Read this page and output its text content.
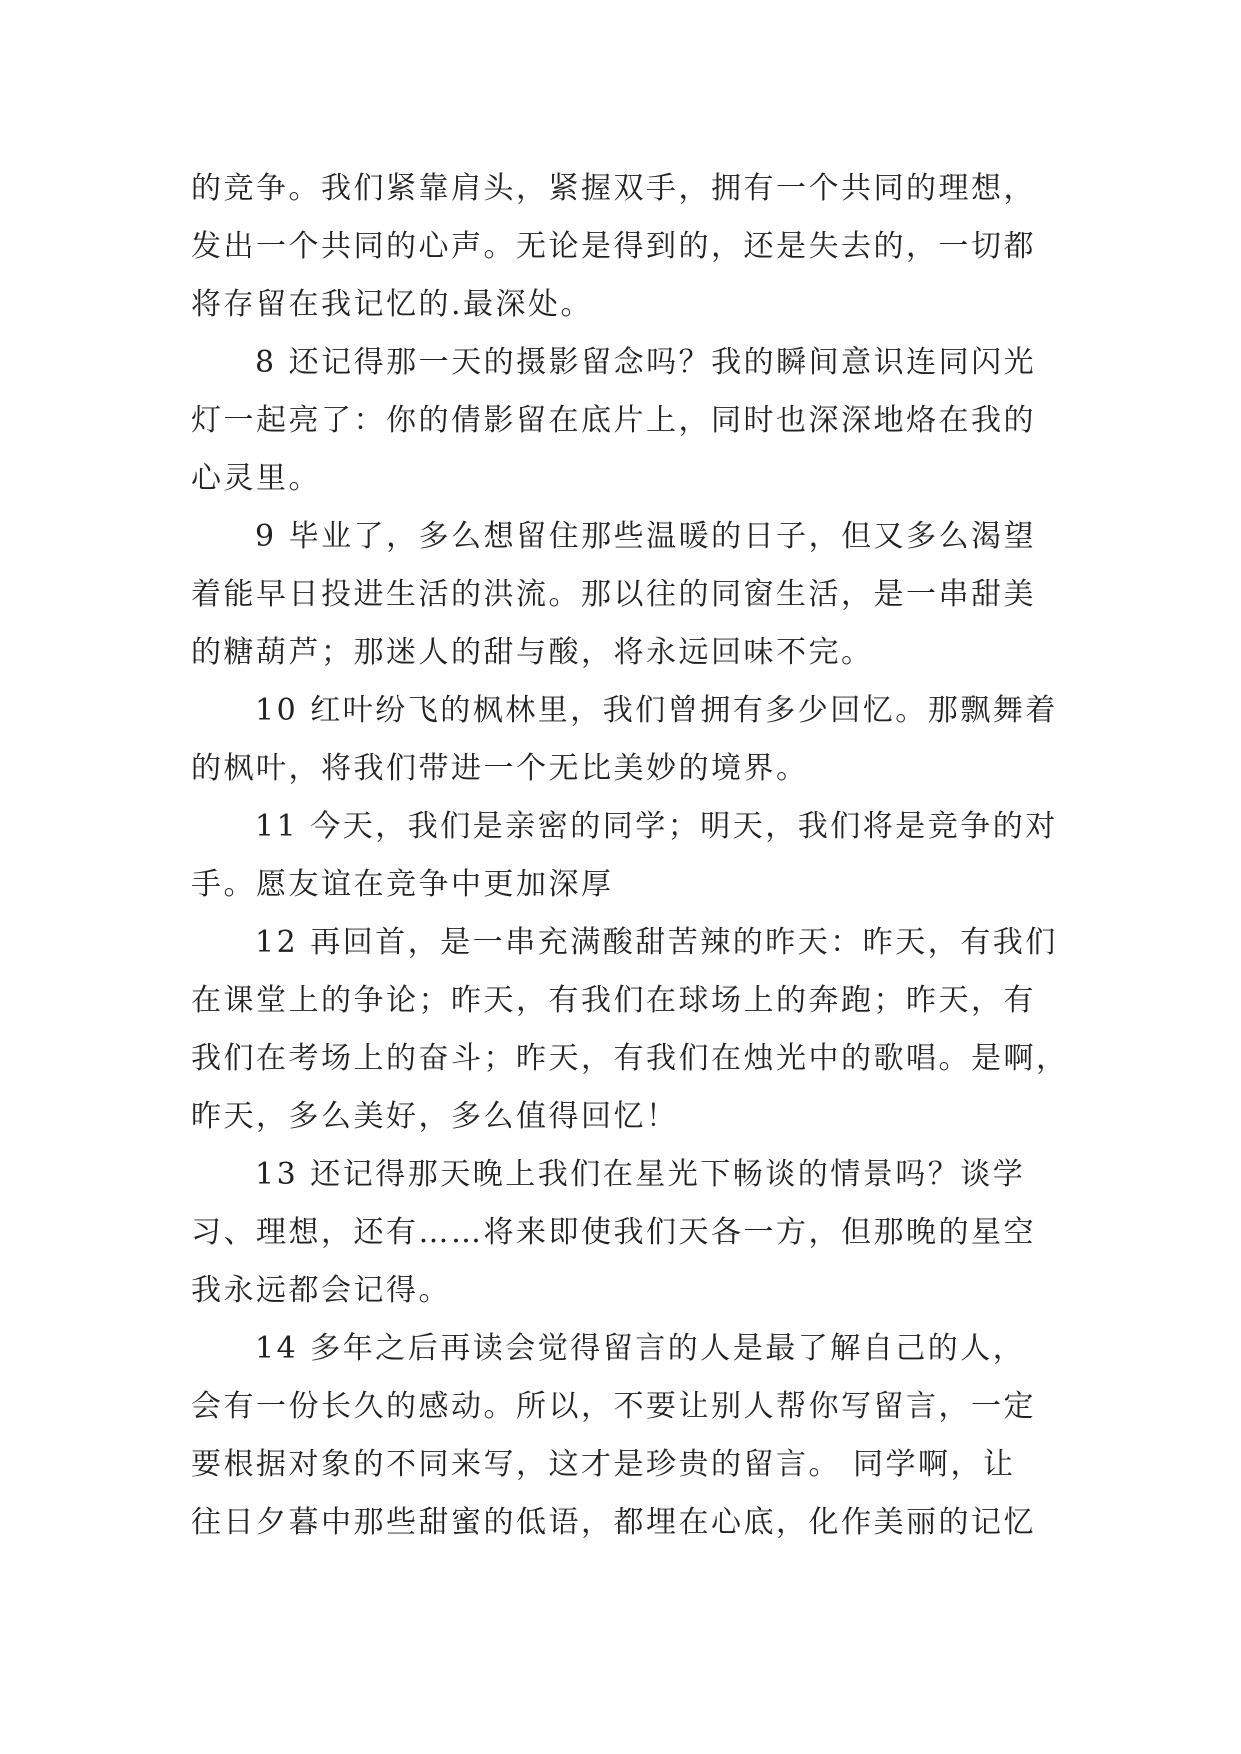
的竞争。我们紧靠肩头，紧握双手，拥有一个共同的理想，
发出一个共同的心声。无论是得到的，还是失去的，一切都
将存留在我记忆的.最深处。

8 还记得那一天的摄影留念吗？我的瞬间意识连同闪光
灯一起亮了：你的倩影留在底片上，同时也深深地烙在我的
心灵里。

9 毕业了，多么想留住那些温暖的日子，但又多么渴望
着能早日投进生活的洪流。那以往的同窗生活，是一串甜美
的糖葫芦；那迷人的甜与酸，将永远回味不完。

10 红叶纷飞的枫林里，我们曾拥有多少回忆。那飘舞着
的枫叶，将我们带进一个无比美妙的境界。

11 今天，我们是亲密的同学；明天，我们将是竞争的对
手。愿友谊在竞争中更加深厚

12 再回首，是一串充满酸甜苦辣的昨天：昨天，有我们
在课堂上的争论；昨天，有我们在球场上的奔跑；昨天，有
我们在考场上的奋斗；昨天，有我们在烛光中的歌唱。是啊，
昨天，多么美好，多么值得回忆！

13 还记得那天晚上我们在星光下畅谈的情景吗？谈学
习、理想，还有……将来即使我们天各一方，但那晚的星空
我永远都会记得。

14 多年之后再读会觉得留言的人是最了解自己的人，
会有一份长久的感动。所以，不要让别人帮你写留言，一定
要根据对象的不同来写，这才是珍贵的留言。 同学啊，让
往日夕暮中那些甜蜜的低语，都埋在心底，化作美丽的记忆
